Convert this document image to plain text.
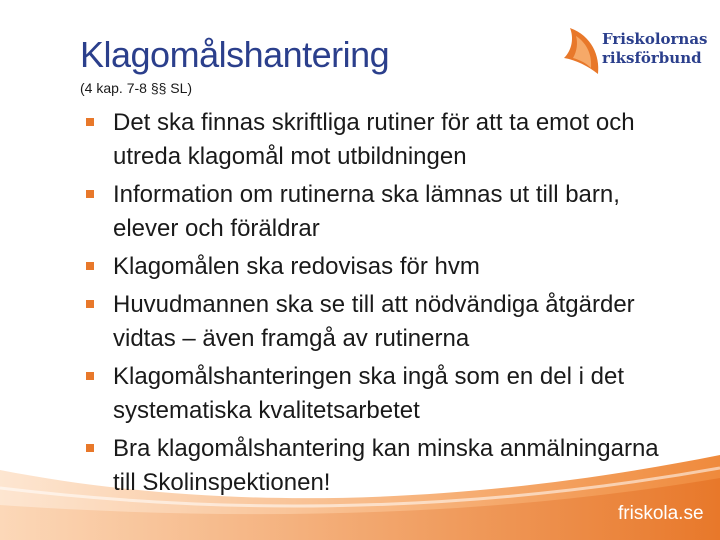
Klagomålshantering
(4 kap. 7-8 §§ SL)
Friskolornas
riksförbund
Det ska finnas skriftliga rutiner för att ta emot och utreda klagomål mot utbildningen
Information om rutinerna ska lämnas ut till barn, elever och föräldrar
Klagomålen ska redovisas för hvm
Huvudmannen ska se till att nödvändiga åtgärder vidtas – även framgå av rutinerna
Klagomålshanteringen ska ingå som en del i det systematiska kvalitetsarbetet
Bra klagomålshantering kan minska anmälningarna till Skolinspektionen!
friskola.se
